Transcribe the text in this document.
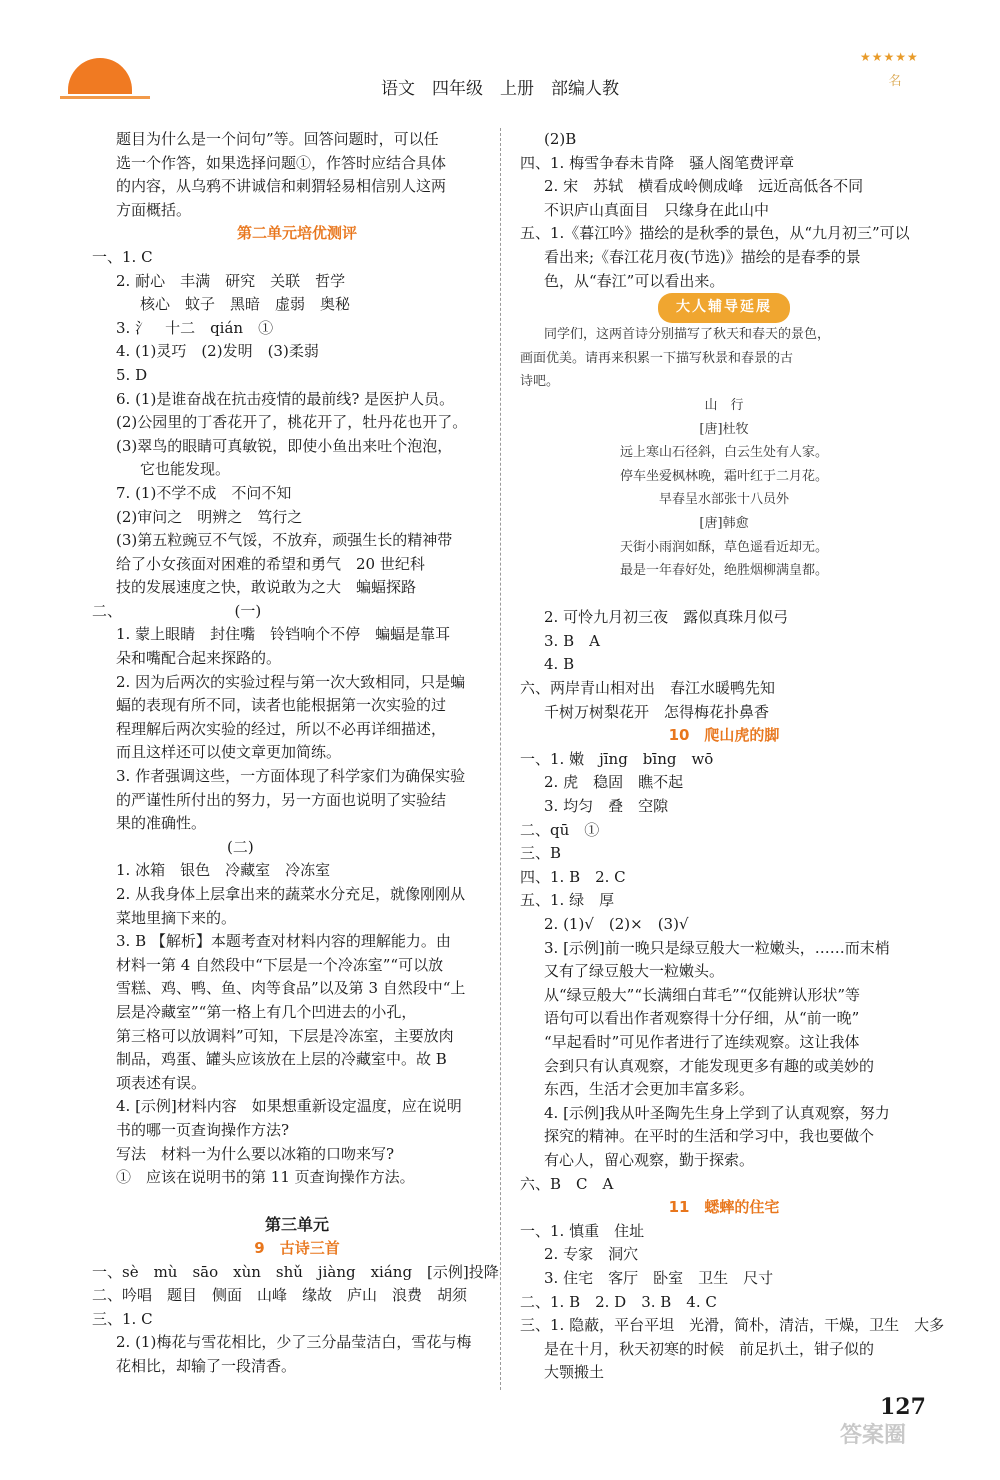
语文　四年级　上册　部编人教
★★★★★
名
题目为什么是一个问句”等。回答问题时，可以任
选一个作答，如果选择问题①，作答时应结合具体
的内容，从乌鸦不讲诚信和刺猬轻易相信别人这两
方面概括。
第二单元培优测评
一、1. C
2. 耐心　丰满　研究　关联　哲学
核心　蚊子　黑暗　虚弱　奥秘
3. 氵　十二　qián　①
4. (1)灵巧　(2)发明　(3)柔弱
5. D
6. (1)是谁奋战在抗击疫情的最前线? 是医护人员。
(2)公园里的丁香花开了，桃花开了，牡丹花也开了。
(3)翠鸟的眼睛可真敏锐，即使小鱼出来吐个泡泡，
它也能发现。
7. (1)不学不成　不问不知
(2)审问之　明辨之　笃行之
(3)第五粒豌豆不气馁，不放弃，顽强生长的精神带
给了小女孩面对困难的希望和勇气　20 世纪科
技的发展速度之快，敢说敢为之大　蝙蝠探路
二、　　　　　　　　(一)
1. 蒙上眼睛　封住嘴　铃铛响个不停　蝙蝠是靠耳
朵和嘴配合起来探路的。
2. 因为后两次的实验过程与第一次大致相同，只是蝙
蝠的表现有所不同，读者也能根据第一次实验的过
程理解后两次实验的经过，所以不必再详细描述，
而且这样还可以使文章更加简练。
3. 作者强调这些，一方面体现了科学家们为确保实验
的严谨性所付出的努力，另一方面也说明了实验结
果的准确性。
　　　　　　　　　(二)
1. 冰箱　银色　冷藏室　冷冻室
2. 从我身体上层拿出来的蔬菜水分充足，就像刚刚从
菜地里摘下来的。
3. B 【解析】本题考查对材料内容的理解能力。由
材料一第 4 自然段中“下层是一个冷冻室”“可以放
雪糕、鸡、鸭、鱼、肉等食品”以及第 3 自然段中“上
层是冷藏室”“第一格上有几个凹进去的小孔，
第三格可以放调料”可知，下层是冷冻室，主要放肉
制品，鸡蛋、罐头应该放在上层的冷藏室中。故 B
项表述有误。
4. [示例]材料内容　如果想重新设定温度，应在说明
书的哪一页查询操作方法?
写法　材料一为什么要以冰箱的口吻来写?
①　应该在说明书的第 11 页查询操作方法。
第三单元
9　古诗三首
一、sè　mù　sāo　xùn　shǔ　jiàng　xiáng　[示例]投降
二、吟唱　题目　侧面　山峰　缘故　庐山　浪费　胡须
三、1. C
2. (1)梅花与雪花相比，少了三分晶莹洁白，雪花与梅
花相比，却输了一段清香。
(2)B
四、1. 梅雪争春未肯降　骚人阁笔费评章
2. 宋　苏轼　横看成岭侧成峰　远近高低各不同
不识庐山真面目　只缘身在此山中
五、1.《暮江吟》描绘的是秋季的景色，从“九月初三”可以
看出来;《春江花月夜(节选)》描绘的是春季的景
色，从“春江”可以看出来。
大人辅导延展
同学们，这两首诗分别描写了秋天和春天的景色，
画面优美。请再来积累一下描写秋景和春景的古
诗吧。
山　行
[唐]杜牧
远上寒山石径斜，白云生处有人家。
停车坐爱枫林晚，霜叶红于二月花。
早春呈水部张十八员外
[唐]韩愈
天街小雨润如酥，草色遥看近却无。
最是一年春好处，绝胜烟柳满皇都。
2. 可怜九月初三夜　露似真珠月似弓
3. B　A
4. B
六、两岸青山相对出　春江水暖鸭先知
千树万树梨花开　怎得梅花扑鼻香
10　爬山虎的脚
一、1. 嫩　jīng　bīng　wō
2. 虎　稳固　瞧不起
3. 均匀　叠　空隙
二、qū　①
三、B
四、1. B　2. C
五、1. 绿　厚
2. (1)√　(2)×　(3)√
3. [示例]前一晚只是绿豆般大一粒嫩头，……而末梢
又有了绿豆般大一粒嫩头。
从“绿豆般大”“长满细白茸毛”“仅能辨认形状”等
语句可以看出作者观察得十分仔细，从“前一晚”
“早起看时”可见作者进行了连续观察。这让我体
会到只有认真观察，才能发现更多有趣的或美妙的
东西，生活才会更加丰富多彩。
4. [示例]我从叶圣陶先生身上学到了认真观察，努力
探究的精神。在平时的生活和学习中，我也要做个
有心人，留心观察，勤于探索。
六、B　C　A
11　蟋蟀的住宅
一、1. 慎重　住址
2. 专家　洞穴
3. 住宅　客厅　卧室　卫生　尺寸
二、1. B　2. D　3. B　4. C
三、1. 隐蔽，平台平坦　光滑，简朴，清洁，干燥，卫生　大多
是在十月，秋天初寒的时候　前足扒土，钳子似的
大颚搬土
127
答案圈
